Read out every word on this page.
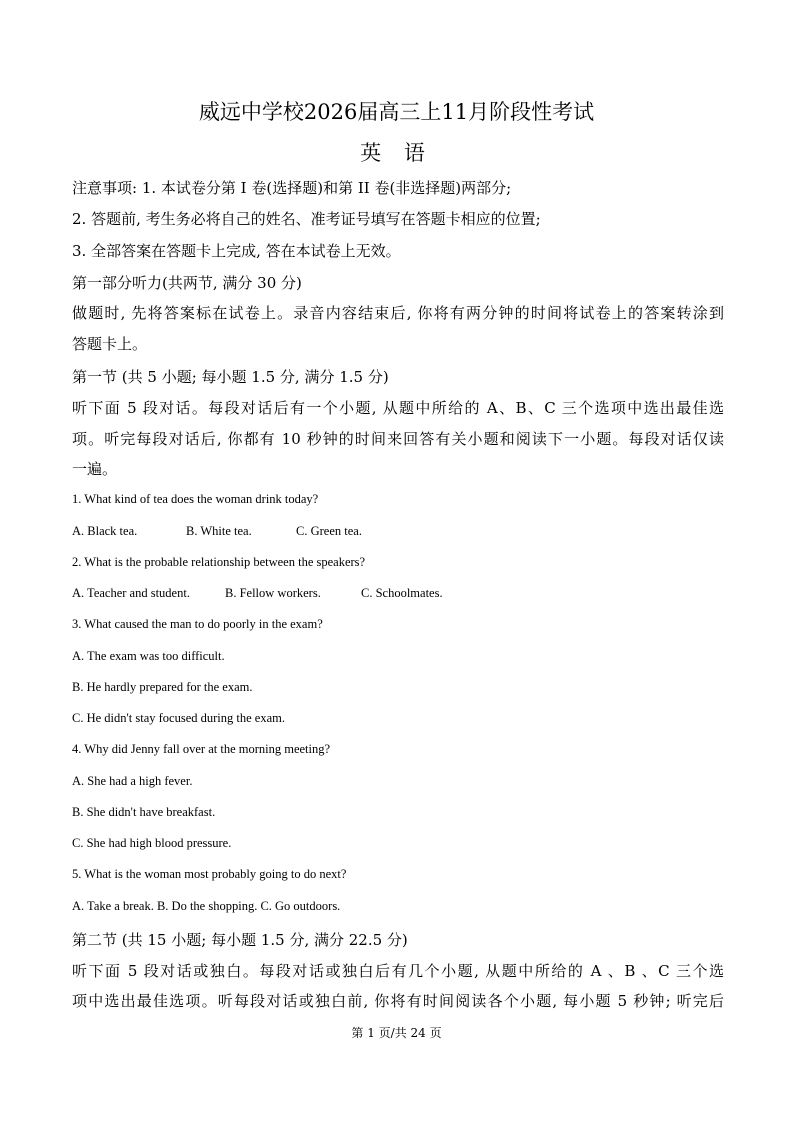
威远中学校2026届高三上11月阶段性考试
英 语
注意事项: 1. 本试卷分第 I 卷(选择题)和第 II 卷(非选择题)两部分;
2. 答题前, 考生务必将自己的姓名、准考证号填写在答题卡相应的位置;
3. 全部答案在答题卡上完成, 答在本试卷上无效。
第一部分听力(共两节, 满分 30 分)
做题时, 先将答案标在试卷上。录音内容结束后, 你将有两分钟的时间将试卷上的答案转涂到
答题卡上。
第一节 (共 5 小题; 每小题 1.5 分, 满分 1.5 分)
听下面 5 段对话。每段对话后有一个小题, 从题中所给的 A、B、C 三个选项中选出最佳选
项。听完每段对话后, 你都有 10 秒钟的时间来回答有关小题和阅读下一小题。每段对话仅读
一遍。
1. What kind of tea does the woman drink today?
A. Black tea.	B. White tea.	C. Green tea.
2. What is the probable relationship between the speakers?
A. Teacher and student.	B. Fellow workers.	C. Schoolmates.
3. What caused the man to do poorly in the exam?
A. The exam was too difficult.
B. He hardly prepared for the exam.
C. He didn't stay focused during the exam.
4. Why did Jenny fall over at the morning meeting?
A. She had a high fever.
B. She didn't have breakfast.
C. She had high blood pressure.
5. What is the woman most probably going to do next?
A. Take a break. B. Do the shopping. C. Go outdoors.
第二节 (共 15 小题; 每小题 1.5 分, 满分 22.5 分)
听下面 5 段对话或独白。每段对话或独白后有几个小题, 从题中所给的 A 、B 、C 三个选
项中选出最佳选项。听每段对话或独白前, 你将有时间阅读各个小题, 每小题 5 秒钟; 听完后
第 1 页/共 24 页
